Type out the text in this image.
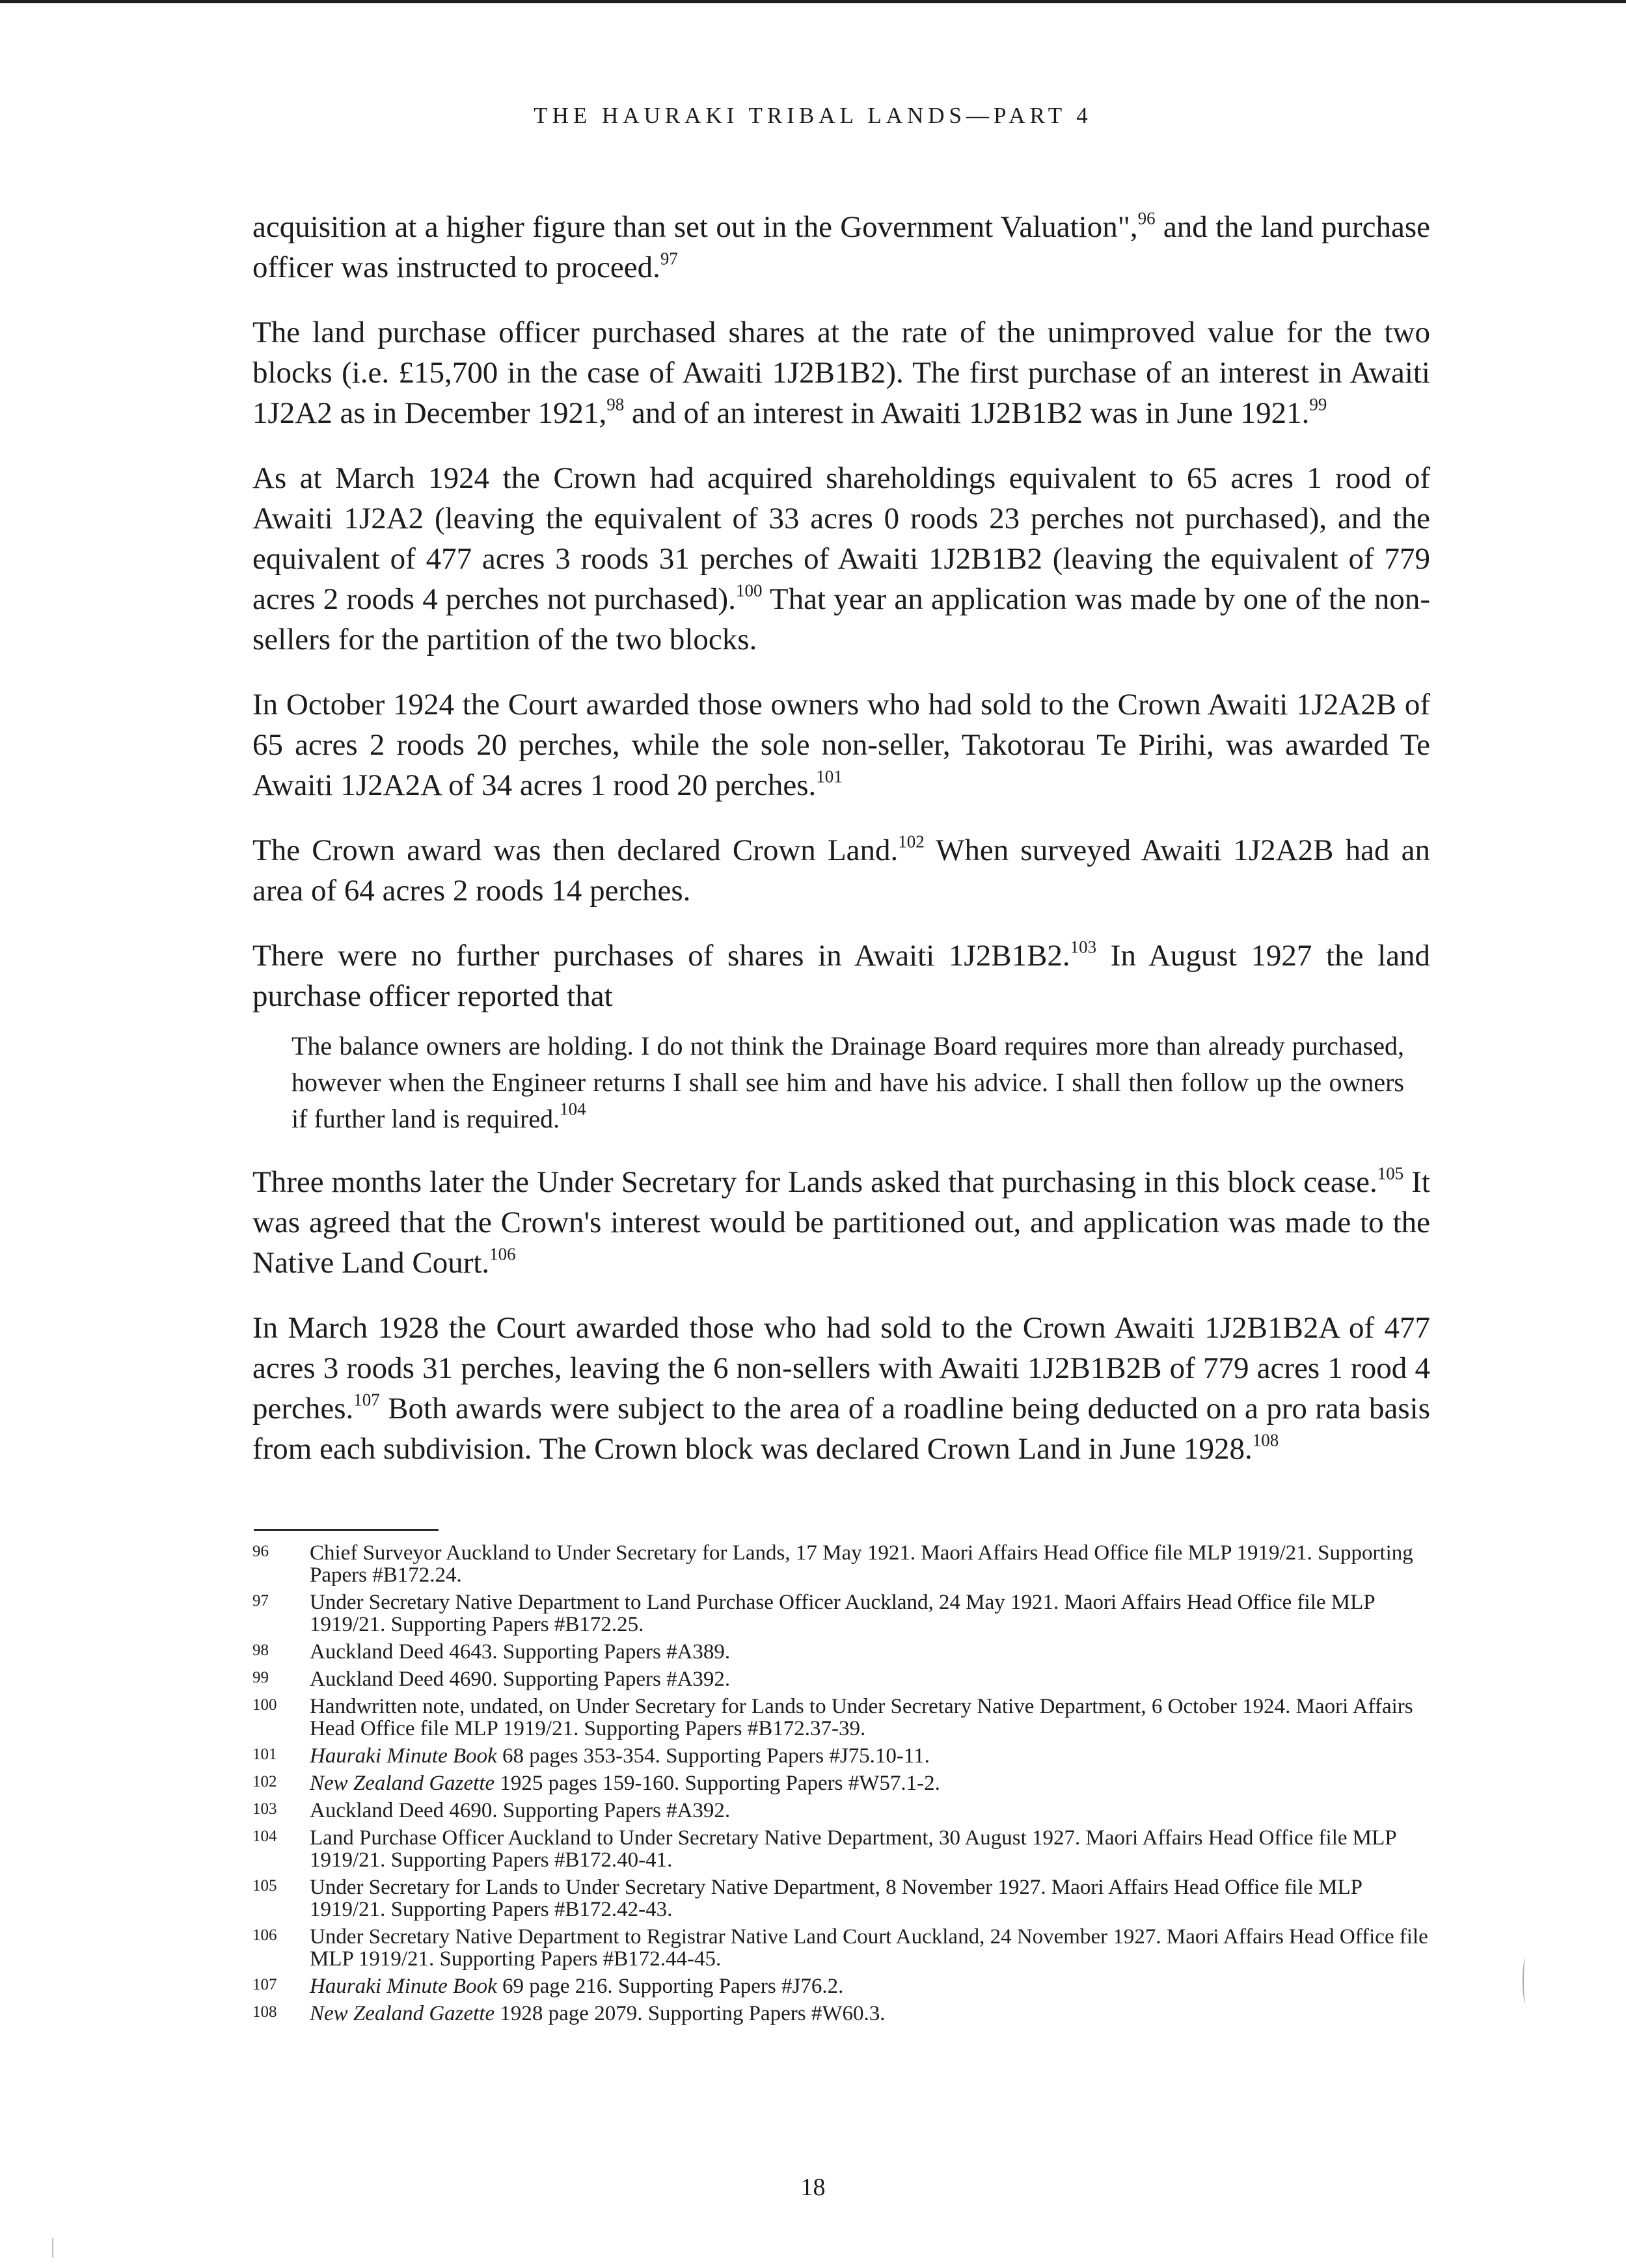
THE HAURAKI TRIBAL LANDS—PART 4

acquisition at a higher figure than set out in the Government Valuation",$^{96}$ and the land purchase officer was instructed to proceed.$^{97}$

The land purchase officer purchased shares at the rate of the unimproved value for the two blocks (i.e. £15,700 in the case of Awaiti 1J2B1B2). The first purchase of an interest in Awaiti 1J2A2 as in December 1921,98 and of an interest in Awaiti 1J2B1B2 was in June 1921.99

As at March 1924 the Crown had acquired shareholdings equivalent to 65 acres 1 rood of Awaiti 1J2A2 (leaving the equivalent of 33 acres 0 roods 23 perches not purchased), and the equivalent of 477 acres 3 roods 31 perches of Awaiti 1J2B1B2 (leaving the equivalent of 779 acres 2 roods 4 perches not purchased).$^{100}$ That year an application was made by one of the non-sellers for the partition of the two blocks.

In October 1924 the Court awarded those owners who had sold to the Crown Awaiti 1J2A2B of 65 acres 2 roods 20 perches, while the sole non-seller, Takotorau Te Pirihi, was awarded Te Awaiti 1J2A2A of 34 acres 1 rood 20 perches.$^{101}$

The Crown award was then declared Crown Land.$^{102}$ When surveyed Awaiti 1J2A2B had an area of 64 acres 2 roods 14 perches.

There were no further purchases of shares in Awaiti 1J2B1B2.$^{103}$ In August 1927 the land purchase officer reported that

The balance owners are holding. I do not think the Drainage Board requires more than already purchased, however when the Engineer returns I shall see him and have his advice. I shall then follow up the owners if further land is required.$^{104}$

Three months later the Under Secretary for Lands asked that purchasing in this block cease.$^{105}$ It was agreed that the Crown's interest would be partitioned out, and application was made to the Native Land Court.$^{106}$

In March 1928 the Court awarded those who had sold to the Crown Awaiti 1J2B1B2A of 477 acres 3 roods 31 perches, leaving the 6 non-sellers with Awaiti 1J2B1B2B of 779 acres 1 rood 4 perches.$^{107}$ Both awards were subject to the area of a roadline being deducted on a pro rata basis from each subdivision. The Crown block was declared Crown Land in June 1928.$^{108}$

96 Chief Surveyor Auckland to Under Secretary for Lands, 17 May 1921. Maori Affairs Head Office file MLP 1919/21. Supporting Papers #B172.24.
97 Under Secretary Native Department to Land Purchase Officer Auckland, 24 May 1921. Maori Affairs Head Office file MLP 1919/21. Supporting Papers #B172.25.
98 Auckland Deed 4643. Supporting Papers #A389.
99 Auckland Deed 4690. Supporting Papers #A392.
100 Handwritten note, undated, on Under Secretary for Lands to Under Secretary Native Department, 6 October 1924. Maori Affairs Head Office file MLP 1919/21. Supporting Papers #B172.37-39.
101 Hauraki Minute Book 68 pages 353-354. Supporting Papers #J75.10-11.
102 New Zealand Gazette 1925 pages 159-160. Supporting Papers #W57.1-2.
103 Auckland Deed 4690. Supporting Papers #A392.
104 Land Purchase Officer Auckland to Under Secretary Native Department, 30 August 1927. Maori Affairs Head Office file MLP 1919/21. Supporting Papers #B172.40-41.
105 Under Secretary for Lands to Under Secretary Native Department, 8 November 1927. Maori Affairs Head Office file MLP 1919/21. Supporting Papers #B172.42-43.
106 Under Secretary Native Department to Registrar Native Land Court Auckland, 24 November 1927. Maori Affairs Head Office file MLP 1919/21. Supporting Papers #B172.44-45.
107 Hauraki Minute Book 69 page 216. Supporting Papers #J76.2.
108 New Zealand Gazette 1928 page 2079. Supporting Papers #W60.3.
18
